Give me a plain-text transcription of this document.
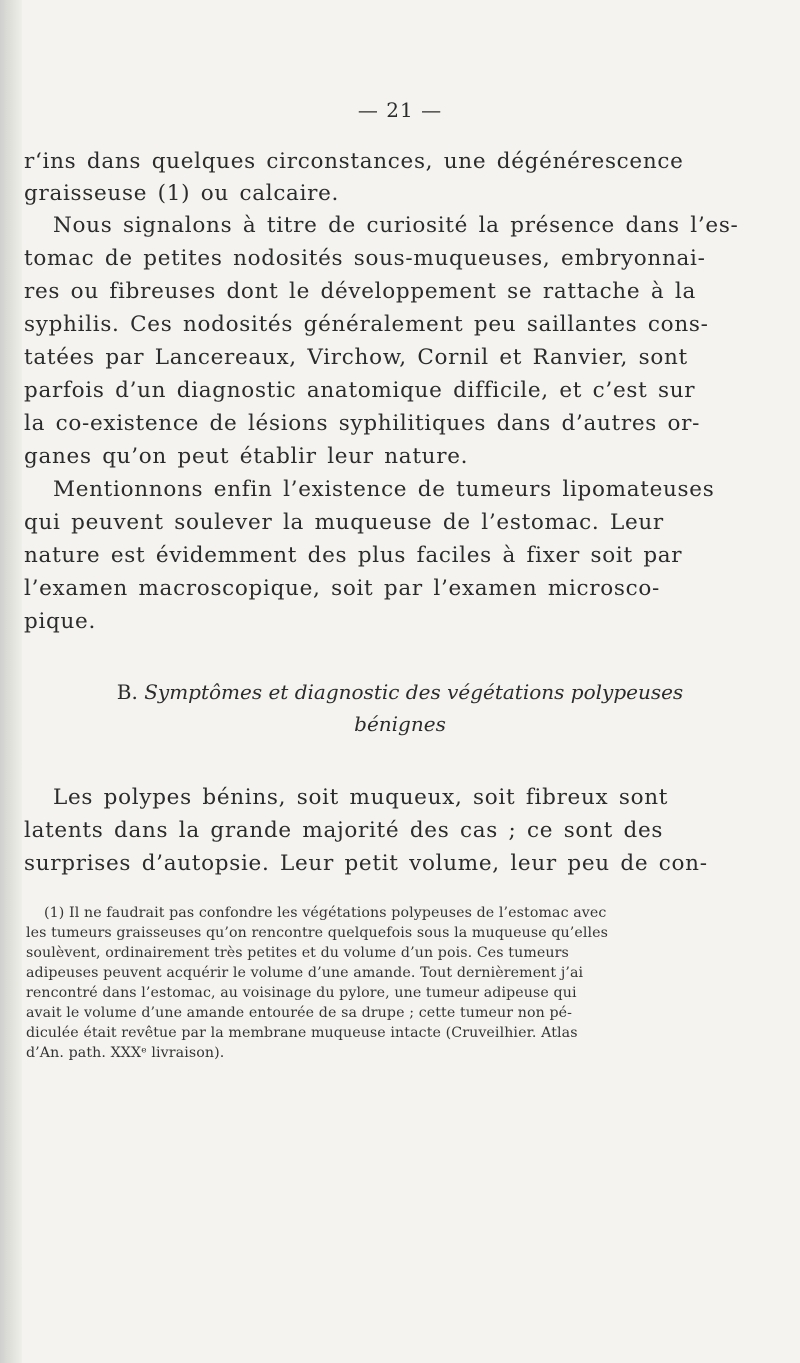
— 21 —
r‘ins dans quelques circonstances, une dégénérescence
graisseuse (1) ou calcaire.
Nous signalons à titre de curiosité la présence dans l’es-
tomac de petites nodosités sous-muqueuses, embryonnai-
res ou fibreuses dont le développement se rattache à la
syphilis. Ces nodosités généralement peu saillantes cons-
tatées par Lancereaux, Virchow, Cornil et Ranvier, sont
parfois d’un diagnostic anatomique difficile, et c’est sur
la co-existence de lésions syphilitiques dans d’autres or-
ganes qu’on peut établir leur nature.
Mentionnons enfin l’existence de tumeurs lipomateuses
qui peuvent soulever la muqueuse de l’estomac. Leur
nature est évidemment des plus faciles à fixer soit par
l’examen macroscopique, soit par l’examen microsco-
pique.
B. Symptômes et diagnostic des végétations polypeuses
bénignes
Les polypes bénins, soit muqueux, soit fibreux sont
latents dans la grande majorité des cas ; ce sont des
surprises d’autopsie. Leur petit volume, leur peu de con-
(1) Il ne faudrait pas confondre les végétations polypeuses de l’estomac avec
les tumeurs graisseuses qu’on rencontre quelquefois sous la muqueuse qu’elles
soulèvent, ordinairement très petites et du volume d’un pois. Ces tumeurs
adipeuses peuvent acquérir le volume d’une amande. Tout dernièrement j’ai
rencontré dans l’estomac, au voisinage du pylore, une tumeur adipeuse qui
avait le volume d’une amande entourée de sa drupe ; cette tumeur non pé-
diculée était revêtue par la membrane muqueuse intacte (Cruveilhier. Atlas
d’An. path. XXXᵉ livraison).
